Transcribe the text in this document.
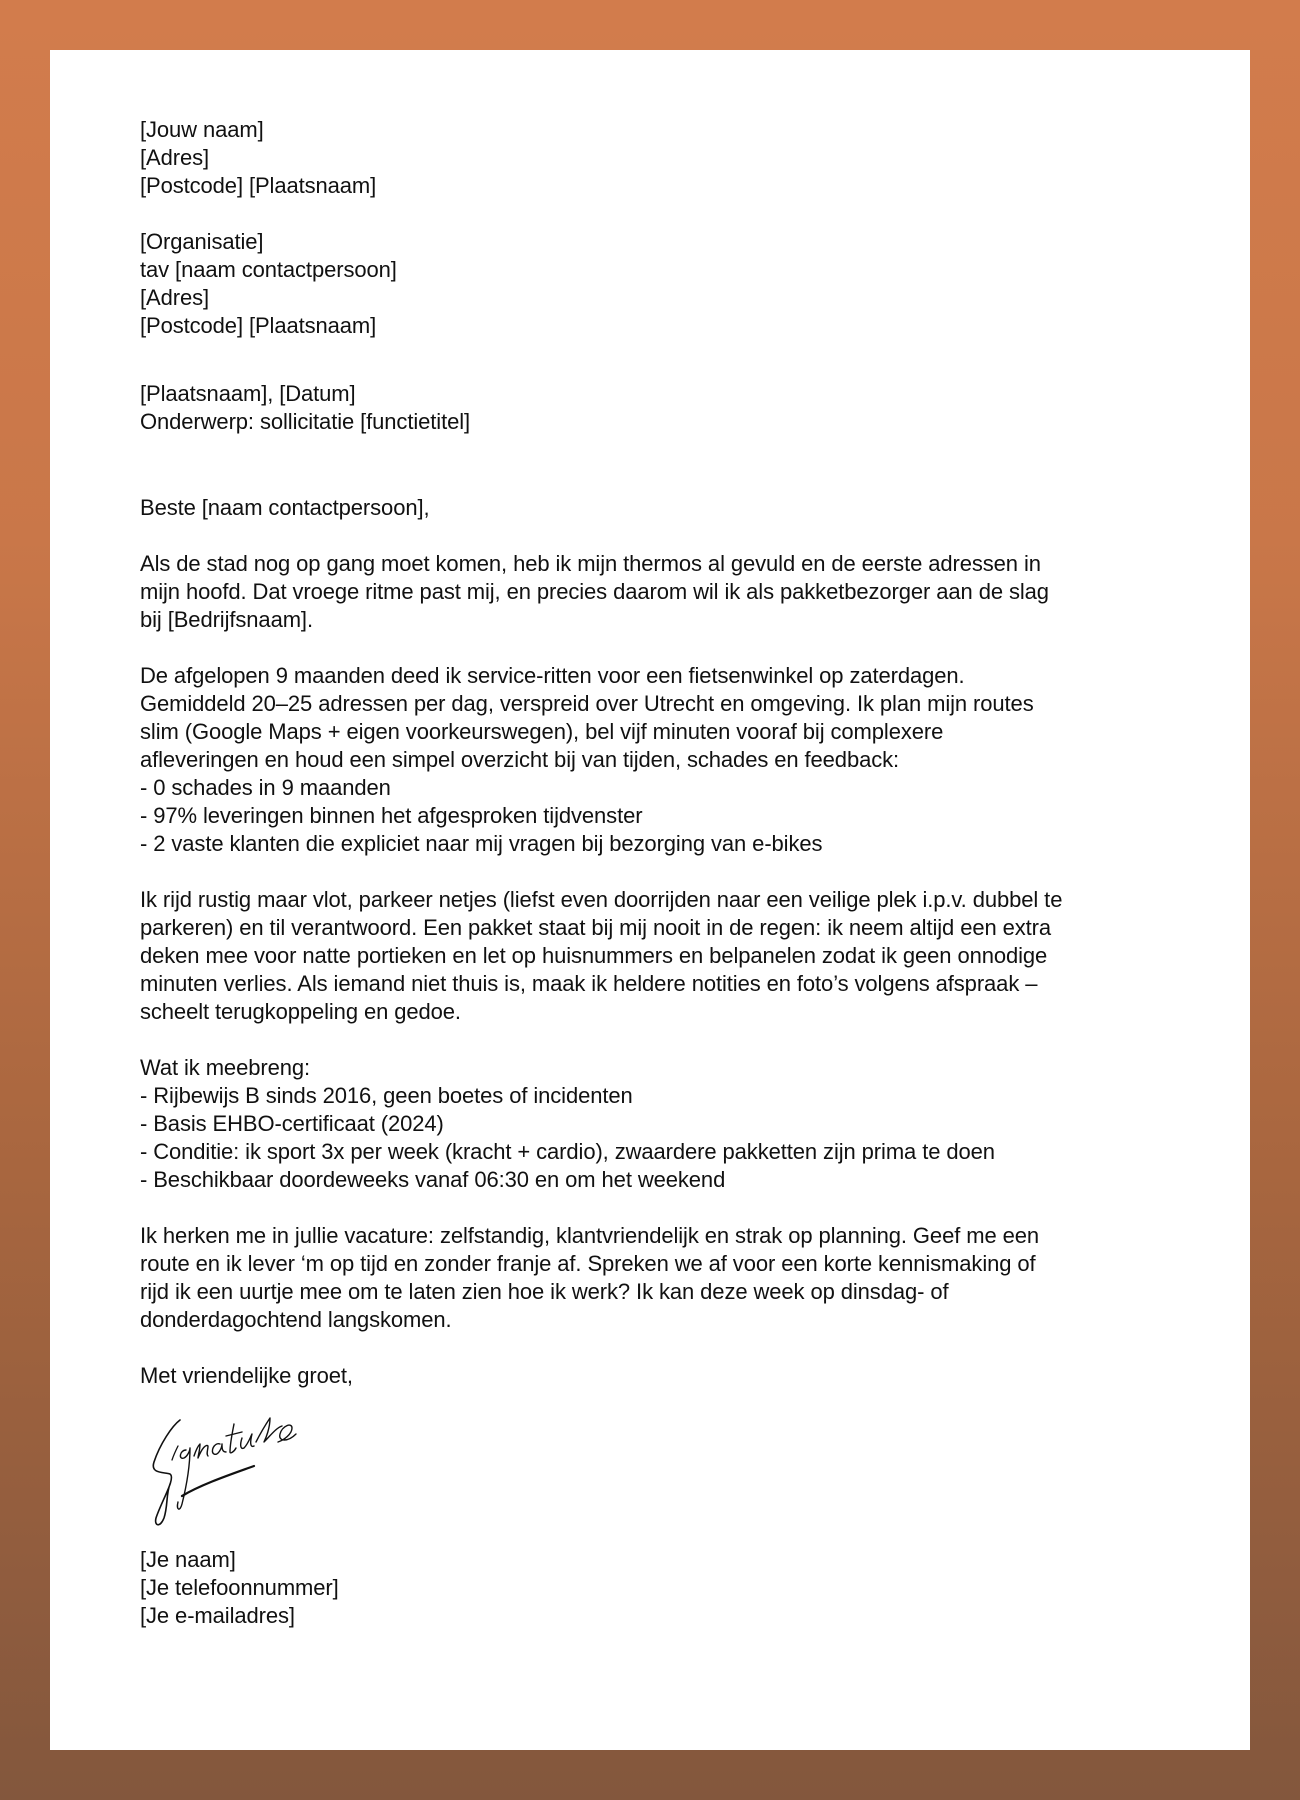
[Jouw naam]
[Adres]
[Postcode] [Plaatsnaam]
[Organisatie]
tav [naam contactpersoon]
[Adres]
[Postcode] [Plaatsnaam]
[Plaatsnaam], [Datum]
Onderwerp: sollicitatie [functietitel]
Beste [naam contactpersoon],
Als de stad nog op gang moet komen, heb ik mijn thermos al gevuld en de eerste adressen in
mijn hoofd. Dat vroege ritme past mij, en precies daarom wil ik als pakketbezorger aan de slag
bij [Bedrijfsnaam].
De afgelopen 9 maanden deed ik service-ritten voor een fietsenwinkel op zaterdagen.
Gemiddeld 20–25 adressen per dag, verspreid over Utrecht en omgeving. Ik plan mijn routes
slim (Google Maps + eigen voorkeurswegen), bel vijf minuten vooraf bij complexere
afleveringen en houd een simpel overzicht bij van tijden, schades en feedback:
- 0 schades in 9 maanden
- 97% leveringen binnen het afgesproken tijdvenster
- 2 vaste klanten die expliciet naar mij vragen bij bezorging van e-bikes
Ik rijd rustig maar vlot, parkeer netjes (liefst even doorrijden naar een veilige plek i.p.v. dubbel te
parkeren) en til verantwoord. Een pakket staat bij mij nooit in de regen: ik neem altijd een extra
deken mee voor natte portieken en let op huisnummers en belpanelen zodat ik geen onnodige
minuten verlies. Als iemand niet thuis is, maak ik heldere notities en foto’s volgens afspraak –
scheelt terugkoppeling en gedoe.
Wat ik meebreng:
- Rijbewijs B sinds 2016, geen boetes of incidenten
- Basis EHBO-certificaat (2024)
- Conditie: ik sport 3x per week (kracht + cardio), zwaardere pakketten zijn prima te doen
- Beschikbaar doordeweeks vanaf 06:30 en om het weekend
Ik herken me in jullie vacature: zelfstandig, klantvriendelijk en strak op planning. Geef me een
route en ik lever ‘m op tijd en zonder franje af. Spreken we af voor een korte kennismaking of
rijd ik een uurtje mee om te laten zien hoe ik werk? Ik kan deze week op dinsdag- of
donderdagochtend langskomen.
Met vriendelijke groet,
[Je naam]
[Je telefoonnummer]
[Je e-mailadres]
